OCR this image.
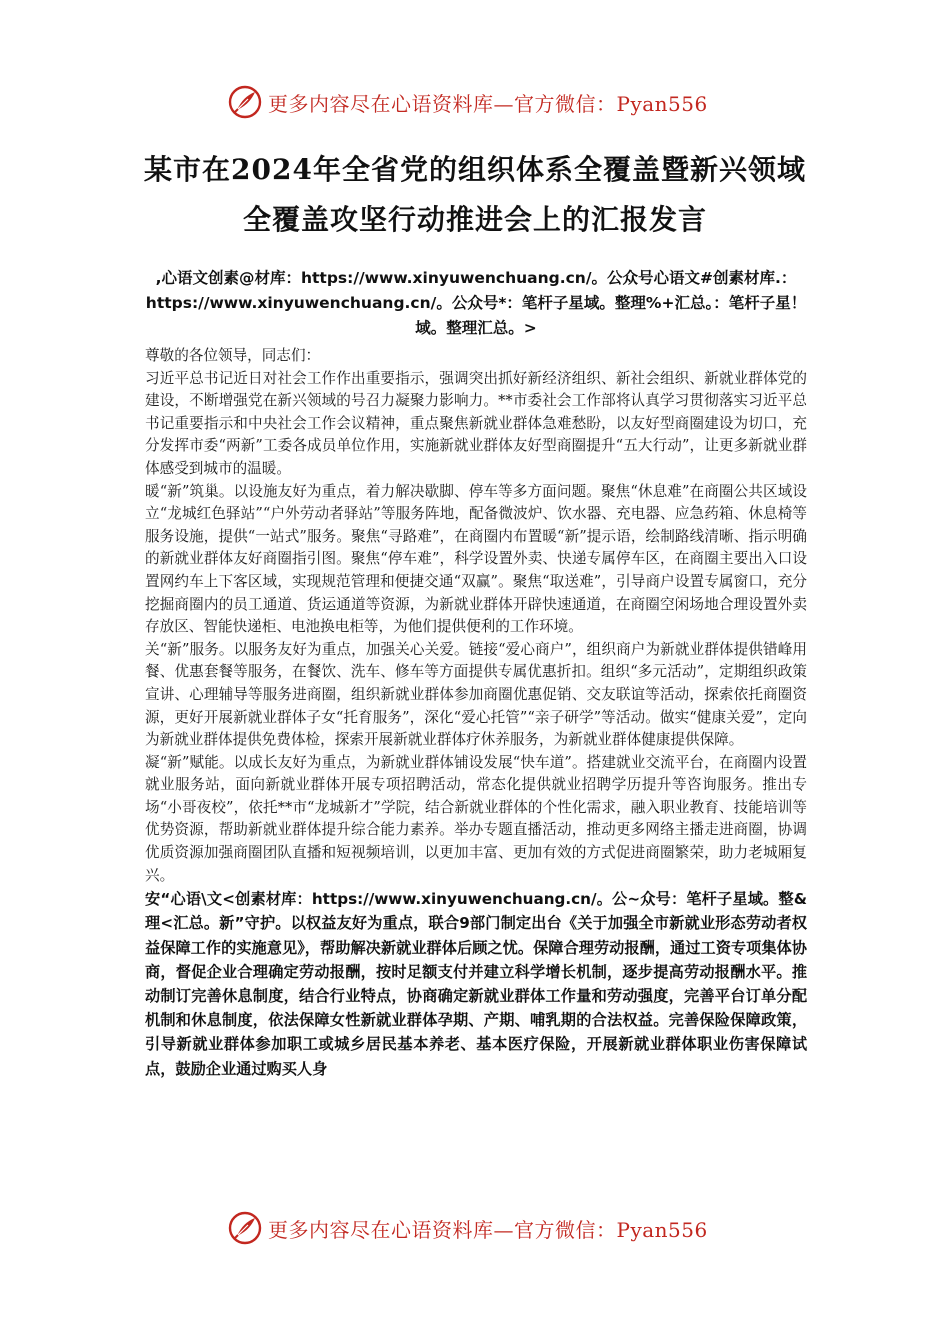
更多内容尽在心语资料库—官方微信：Pyan556
某市在2024年全省党的组织体系全覆盖暨新兴领域
全覆盖攻坚行动推进会上的汇报发言
,心语文创素@材库：https://www.xinyuwenchuang.cn/。公众号心语文#创素材库.：https://www.xinyuwenchuang.cn/。公众号*：笔杆子星域。整理%+汇总。：笔杆子星！域。整理汇总。>

尊敬的各位领导，同志们：

习近平总书记近日对社会工作作出重要指示，强调突出抓好新经济组织、新社会组织、新就业群体党的建设，不断增强党在新兴领域的号召力凝聚力影响力。**市委社会工作部将认真学习贯彻落实习近平总书记重要指示和中央社会工作会议精神，重点聚焦新就业群体急难愁盼，以友好型商圈建设为切口，充分发挥市委“两新”工委各成员单位作用，实施新就业群体友好型商圈提升“五大行动”，让更多新就业群体感受到城市的温暖。

暖“新”筑巢。以设施友好为重点，着力解决歇脚、停车等多方面问题。聚焦“休息难”在商圈公共区域设立“龙城红色驿站”“户外劳动者驿站”等服务阵地，配备微波炉、饮水器、充电器、应急药箱、休息椅等服务设施，提供“一站式”服务。聚焦“寻路难”，在商圈内布置暖“新”提示语，绘制路线清晰、指示明确的新就业群体友好商圈指引图。聚焦“停车难”，科学设置外卖、快递专属停车区，在商圈主要出入口设置网约车上下客区域，实现规范管理和便捷交通“双赢”。聚焦“取送难”，引导商户设置专属窗口，充分挖掘商圈内的员工通道、货运通道等资源，为新就业群体开辟快速通道，在商圈空闲场地合理设置外卖存放区、智能快递柜、电池换电柜等，为他们提供便利的工作环境。

关“新”服务。以服务友好为重点，加强关心关爱。链接“爱心商户”，组织商户为新就业群体提供错峰用餐、优惠套餐等服务，在餐饮、洗车、修车等方面提供专属优惠折扣。组织“多元活动”，定期组织政策宣讲、心理辅导等服务进商圈，组织新就业群体参加商圈优惠促销、交友联谊等活动，探索依托商圈资源，更好开展新就业群体子女“托育服务”，深化“爱心托管”“亲子研学”等活动。做实“健康关爱”，定向为新就业群体提供免费体检，探索开展新就业群体疗休养服务，为新就业群体健康提供保障。

凝“新”赋能。以成长友好为重点，为新就业群体铺设发展“快车道”。搭建就业交流平台，在商圈内设置就业服务站，面向新就业群体开展专项招聘活动，常态化提供就业招聘学历提升等咨询服务。推出专场“小哥夜校”，依托**市“龙城新才”学院，结合新就业群体的个性化需求，融入职业教育、技能培训等优势资源，帮助新就业群体提升综合能力素养。举办专题直播活动，推动更多网络主播走进商圈，协调优质资源加强商圈团队直播和短视频培训，以更加丰富、更加有效的方式促进商圈繁荣，助力老城厢复兴。

安“心语\文<创素材库：https://www.xinyuwenchuang.cn/。公~众号：笔杆子星域。整&理<汇总。新”守护。以权益友好为重点，联合9部门制定出台《关于加强全市新就业形态劳动者权益保障工作的实施意见》，帮助解决新就业群体后顾之忧。保障合理劳动报酬，通过工资专项集体协商，督促企业合理确定劳动报酬，按时足额支付并建立科学增长机制，逐步提高劳动报酬水平。推动制订完善休息制度，结合行业特点，协商确定新就业群体工作量和劳动强度，完善平台订单分配机制和休息制度，依法保障女性新就业群体孕期、产期、哺乳期的合法权益。完善保险保障政策，引导新就业群体参加职工或城乡居民基本养老、基本医疗保险，开展新就业群体职业伤害保障试点，鼓励企业通过购买人身

更多内容尽在心语资料库—官方微信：Pyan556
